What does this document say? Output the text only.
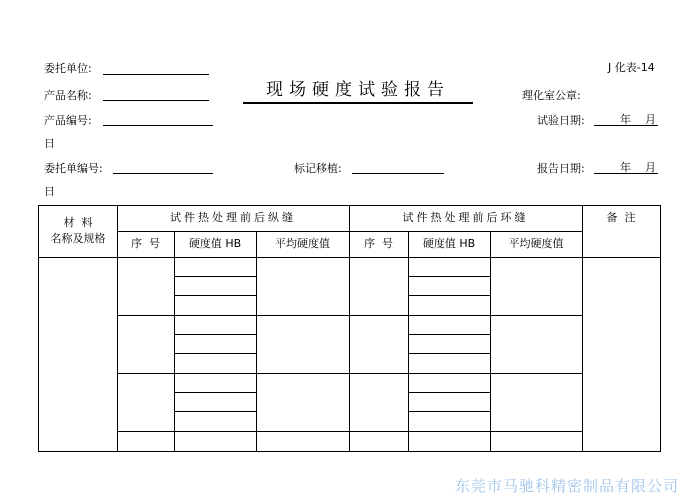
J 化表-14
委托单位:
现场硬度试验报告
产品名称:	理化室公章:
产品编号:	试验日期:	年 月
日
委托单编号:	标记移植:	报告日期:	年 月
日
材  料
名称及规格
试件热处理前后纵缝	试件热处理前后环缝	备  注
序  号	硬度值 HB	平均硬度值	序  号	硬度值 HB	平均硬度值
东莞市马驰科精密制品有限公司
